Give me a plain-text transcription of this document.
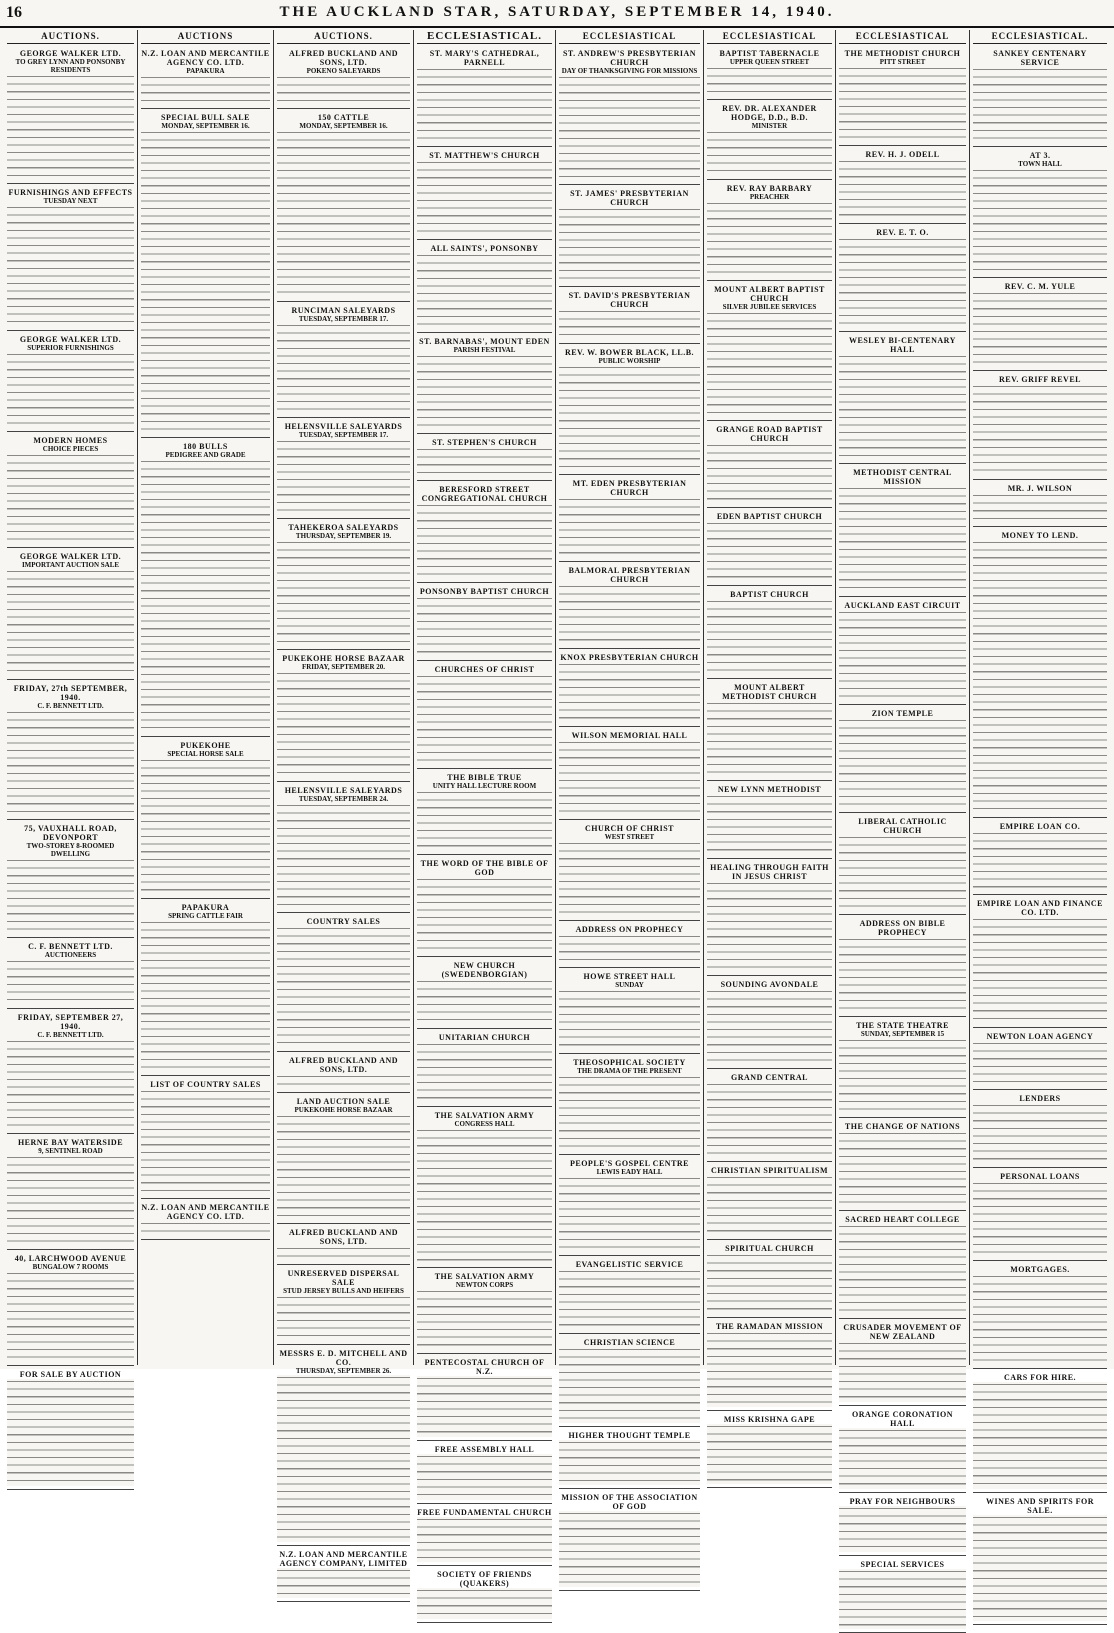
16	THE AUCKLAND STAR, SATURDAY, SEPTEMBER 14, 1940.
AUCTIONS.
GEORGE WALKER LTD.
TO GREY LYNN AND PONSONBY RESIDENTS
FURNISHINGS AND EFFECTS
TUESDAY NEXT
GEORGE WALKER LTD.
SUPERIOR FURNISHINGS
MODERN HOMES
CHOICE PIECES
GEORGE WALKER LTD.
IMPORTANT AUCTION SALE
FRIDAY, 27th SEPTEMBER, 1940.
C. F. BENNETT LTD.
75, VAUXHALL ROAD, DEVONPORT
TWO-STOREY 8-ROOMED DWELLING
C. F. BENNETT LTD.
AUCTIONEERS
FRIDAY, SEPTEMBER 27, 1940.
C. F. BENNETT LTD.
HERNE BAY WATERSIDE
9, SENTINEL ROAD
40, LARCHWOOD AVENUE
BUNGALOW 7 ROOMS
FOR SALE BY AUCTION
AUCTIONS
N.Z. LOAN AND MERCANTILE AGENCY CO. LTD.
PAPAKURA
SPECIAL BULL SALE
MONDAY, SEPTEMBER 16.
180 BULLS
PEDIGREE AND GRADE
PUKEKOHE
SPECIAL HORSE SALE
PAPAKURA
SPRING CATTLE FAIR
LIST OF COUNTRY SALES
N.Z. LOAN AND MERCANTILE AGENCY CO. LTD.
AUCTIONS.
ALFRED BUCKLAND AND SONS, LTD.
POKENO SALEYARDS
150 CATTLE
MONDAY, SEPTEMBER 16.
RUNCIMAN SALEYARDS
TUESDAY, SEPTEMBER 17.
HELENSVILLE SALEYARDS
TUESDAY, SEPTEMBER 17.
TAHEKEROA SALEYARDS
THURSDAY, SEPTEMBER 19.
PUKEKOHE HORSE BAZAAR
FRIDAY, SEPTEMBER 20.
HELENSVILLE SALEYARDS
TUESDAY, SEPTEMBER 24.
COUNTRY SALES
ALFRED BUCKLAND AND SONS, LTD.
LAND AUCTION SALE
PUKEKOHE HORSE BAZAAR
ALFRED BUCKLAND AND SONS, LTD.
UNRESERVED DISPERSAL SALE
STUD JERSEY BULLS AND HEIFERS
MESSRS E. D. MITCHELL AND CO.
THURSDAY, SEPTEMBER 26.
N.Z. LOAN AND MERCANTILE AGENCY COMPANY, LIMITED
ECCLESIASTICAL.
ST. MARY'S CATHEDRAL, PARNELL
ST. MATTHEW'S CHURCH
ALL SAINTS', PONSONBY
ST. BARNABAS', MOUNT EDEN
PARISH FESTIVAL
ST. STEPHEN'S CHURCH
BERESFORD STREET CONGREGATIONAL CHURCH
PONSONBY BAPTIST CHURCH
CHURCHES OF CHRIST
THE BIBLE TRUE
UNITY HALL LECTURE ROOM
THE WORD OF THE BIBLE OF GOD
NEW CHURCH (SWEDENBORGIAN)
UNITARIAN CHURCH
THE SALVATION ARMY
CONGRESS HALL
THE SALVATION ARMY
NEWTON CORPS
PENTECOSTAL CHURCH OF N.Z.
FREE ASSEMBLY HALL
FREE FUNDAMENTAL CHURCH
SOCIETY OF FRIENDS (QUAKERS)
ECCLESIASTICAL
ST. ANDREW'S PRESBYTERIAN CHURCH
DAY OF THANKSGIVING FOR MISSIONS
ST. JAMES' PRESBYTERIAN CHURCH
ST. DAVID'S PRESBYTERIAN CHURCH
REV. W. BOWER BLACK, LL.B.
PUBLIC WORSHIP
MT. EDEN PRESBYTERIAN CHURCH
BALMORAL PRESBYTERIAN CHURCH
KNOX PRESBYTERIAN CHURCH
WILSON MEMORIAL HALL
CHURCH OF CHRIST
WEST STREET
ADDRESS ON PROPHECY
HOWE STREET HALL
SUNDAY
THEOSOPHICAL SOCIETY
THE DRAMA OF THE PRESENT
PEOPLE'S GOSPEL CENTRE
LEWIS EADY HALL
EVANGELISTIC SERVICE
CHRISTIAN SCIENCE
HIGHER THOUGHT TEMPLE
MISSION OF THE ASSOCIATION OF GOD
ECCLESIASTICAL
BAPTIST TABERNACLE
UPPER QUEEN STREET
REV. DR. ALEXANDER HODGE, D.D., B.D.
MINISTER
REV. RAY BARBARY
PREACHER
MOUNT ALBERT BAPTIST CHURCH
SILVER JUBILEE SERVICES
GRANGE ROAD BAPTIST CHURCH
EDEN BAPTIST CHURCH
BAPTIST CHURCH
MOUNT ALBERT METHODIST CHURCH
NEW LYNN METHODIST
HEALING THROUGH FAITH IN JESUS CHRIST
SOUNDING AVONDALE
GRAND CENTRAL
CHRISTIAN SPIRITUALISM
SPIRITUAL CHURCH
THE RAMADAN MISSION
MISS KRISHNA GAPE
ECCLESIASTICAL
THE METHODIST CHURCH
PITT STREET
REV. H. J. ODELL
REV. E. T. O.
WESLEY BI-CENTENARY HALL
METHODIST CENTRAL MISSION
AUCKLAND EAST CIRCUIT
ZION TEMPLE
LIBERAL CATHOLIC CHURCH
ADDRESS ON BIBLE PROPHECY
THE STATE THEATRE
SUNDAY, SEPTEMBER 15
THE CHANGE OF NATIONS
SACRED HEART COLLEGE
CRUSADER MOVEMENT OF NEW ZEALAND
ORANGE CORONATION HALL
PRAY FOR NEIGHBOURS
SPECIAL SERVICES
ECCLESIASTICAL.
SANKEY CENTENARY SERVICE
AT 3.
TOWN HALL
REV. C. M. YULE
REV. GRIFF REVEL
MR. J. WILSON
MONEY TO LEND.
EMPIRE LOAN CO.
EMPIRE LOAN AND FINANCE CO. LTD.
NEWTON LOAN AGENCY
LENDERS
PERSONAL LOANS
MORTGAGES.
CARS FOR HIRE.
WINES AND SPIRITS FOR SALE.
